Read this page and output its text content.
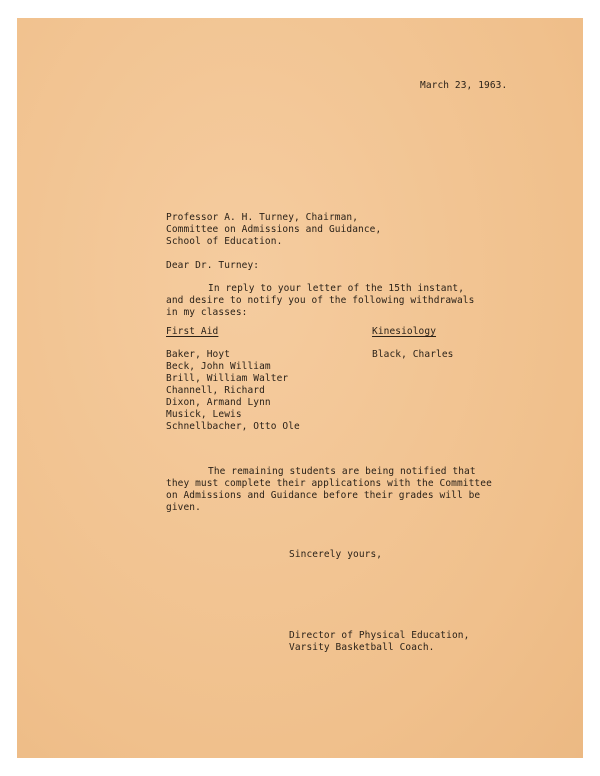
March 23, 1963.
Professor A. H. Turney, Chairman,
Committee on Admissions and Guidance,
School of Education.
Dear Dr. Turney:
In reply to your letter of the 15th instant,
and desire to notify you of the following withdrawals
in my classes:
First Aid	Kinesiology
Baker, Hoyt
Beck, John William
Brill, William Walter
Channell, Richard
Dixon, Armand Lynn
Musick, Lewis
Schnellbacher, Otto Ole
Black, Charles
The remaining students are being notified that
they must complete their applications with the Committee
on Admissions and Guidance before their grades will be
given.
Sincerely yours,
Director of Physical Education,
Varsity Basketball Coach.
